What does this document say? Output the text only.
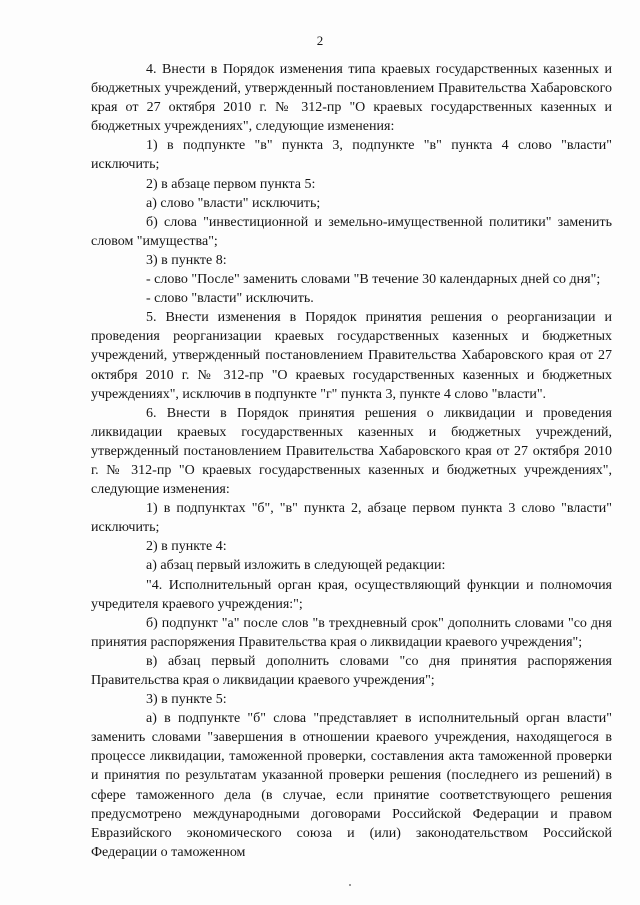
2

4. Внести в Порядок изменения типа краевых государственных казенных и бюджетных учреждений, утвержденный постановлением Правительства Хабаровского края от 27 октября 2010 г. № 312-пр "О краевых государственных казенных и бюджетных учреждениях", следующие изменения:

1) в подпункте "в" пункта 3, подпункте "в" пункта 4 слово "власти" исключить;

2) в абзаце первом пункта 5:

а) слово "власти" исключить;

б) слова "инвестиционной и земельно-имущественной политики" заменить словом "имущества";

3) в пункте 8:

- слово "После" заменить словами "В течение 30 календарных дней со дня";

- слово "власти" исключить.

5. Внести изменения в Порядок принятия решения о реорганизации и проведения реорганизации краевых государственных казенных и бюджетных учреждений, утвержденный постановлением Правительства Хабаровского края от 27 октября 2010 г. № 312-пр "О краевых государственных казенных и бюджетных учреждениях", исключив в подпункте "г" пункта 3, пункте 4 слово "власти".

6. Внести в Порядок принятия решения о ликвидации и проведения ликвидации краевых государственных казенных и бюджетных учреждений, утвержденный постановлением Правительства Хабаровского края от 27 октября 2010 г. № 312-пр "О краевых государственных казенных и бюджетных учреждениях", следующие изменения:

1) в подпунктах "б", "в" пункта 2, абзаце первом пункта 3 слово "власти" исключить;

2) в пункте 4:

а) абзац первый изложить в следующей редакции:

"4. Исполнительный орган края, осуществляющий функции и полномочия учредителя краевого учреждения:";

б) подпункт "а" после слов "в трехдневный срок" дополнить словами "со дня принятия распоряжения Правительства края о ликвидации краевого учреждения";

в) абзац первый дополнить словами "со дня принятия распоряжения Правительства края о ликвидации краевого учреждения";

3) в пункте 5:

а) в подпункте "б" слова "представляет в исполнительный орган власти" заменить словами "завершения в отношении краевого учреждения, находящегося в процессе ликвидации, таможенной проверки, составления акта таможенной проверки и принятия по результатам указанной проверки решения (последнего из решений) в сфере таможенного дела (в случае, если принятие соответствующего решения предусмотрено международными договорами Российской Федерации и правом Евразийского экономического союза и (или) законодательством Российской Федерации о таможенном
